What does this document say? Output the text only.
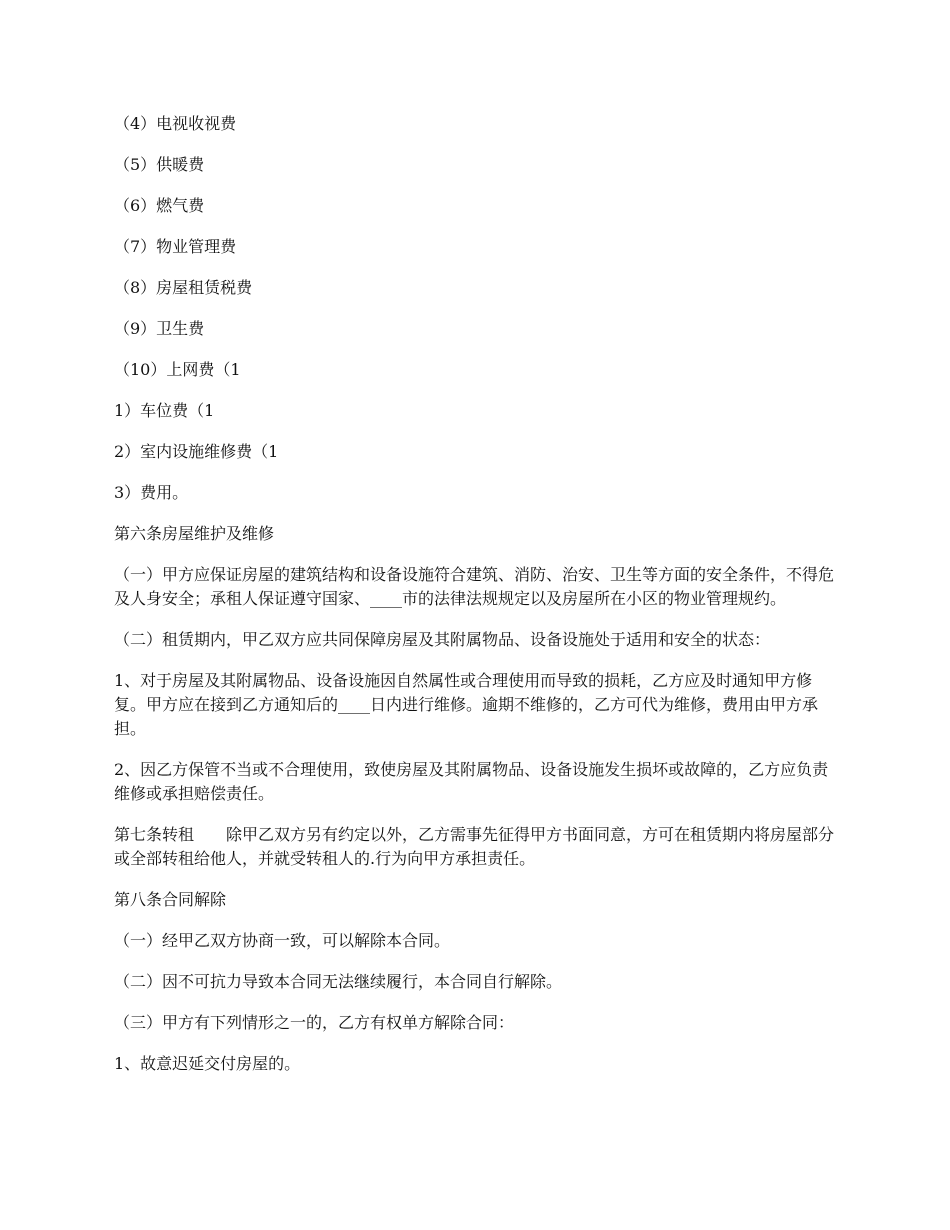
（4）电视收视费

（5）供暖费

（6）燃气费

（7）物业管理费

（8）房屋租赁税费

（9）卫生费

（10）上网费（1

1）车位费（1

2）室内设施维修费（1

3）费用。

第六条房屋维护及维修

（一）甲方应保证房屋的建筑结构和设备设施符合建筑、消防、治安、卫生等方面的安全条件，不得危及人身安全；承租人保证遵守国家、____市的法律法规规定以及房屋所在小区的物业管理规约。

（二）租赁期内，甲乙双方应共同保障房屋及其附属物品、设备设施处于适用和安全的状态：

1、对于房屋及其附属物品、设备设施因自然属性或合理使用而导致的损耗，乙方应及时通知甲方修复。甲方应在接到乙方通知后的____日内进行维修。逾期不维修的，乙方可代为维修，费用由甲方承担。

2、因乙方保管不当或不合理使用，致使房屋及其附属物品、设备设施发生损坏或故障的，乙方应负责维修或承担赔偿责任。

第七条转租　　除甲乙双方另有约定以外，乙方需事先征得甲方书面同意，方可在租赁期内将房屋部分或全部转租给他人，并就受转租人的.行为向甲方承担责任。

第八条合同解除

（一）经甲乙双方协商一致，可以解除本合同。

（二）因不可抗力导致本合同无法继续履行，本合同自行解除。

（三）甲方有下列情形之一的，乙方有权单方解除合同：

1、故意迟延交付房屋的。
